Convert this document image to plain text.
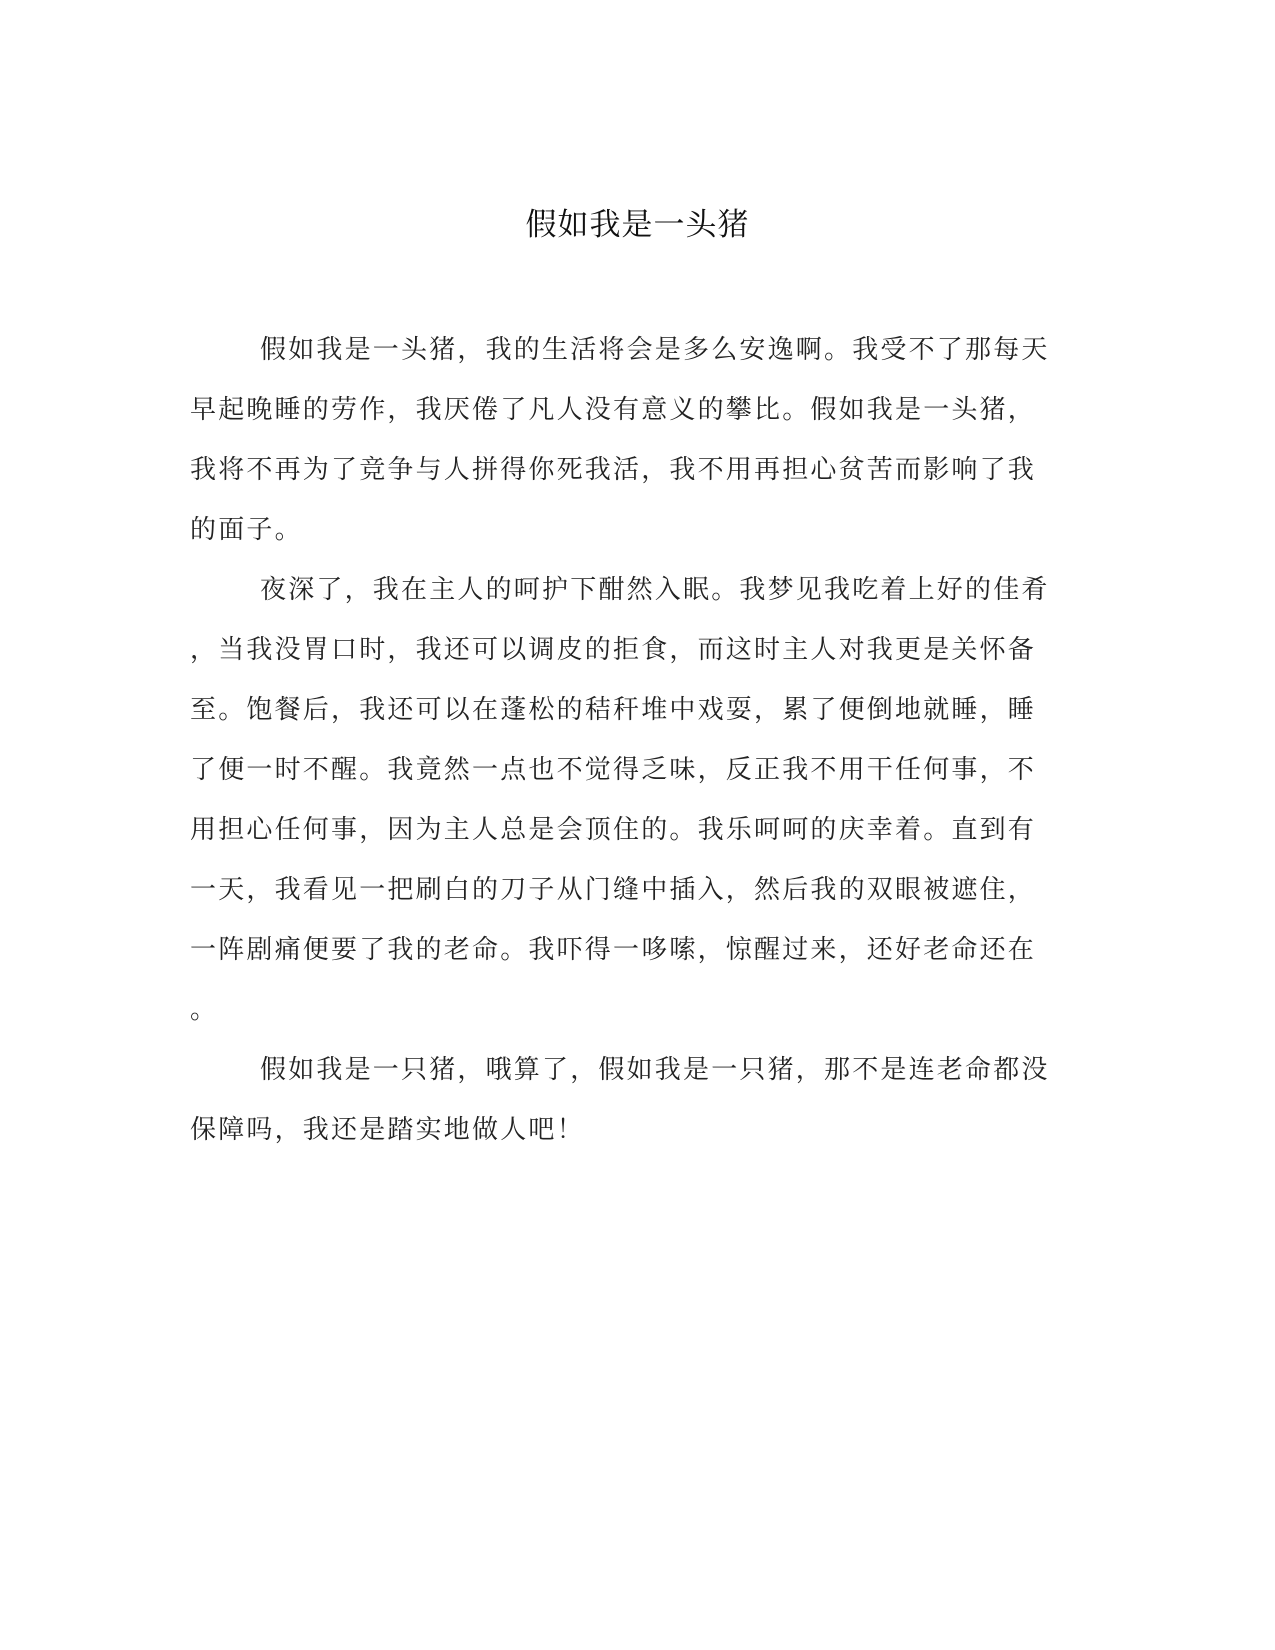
假如我是一头猪
假如我是一头猪，我的生活将会是多么安逸啊。我受不了那每天
早起晚睡的劳作，我厌倦了凡人没有意义的攀比。假如我是一头猪，
我将不再为了竞争与人拼得你死我活，我不用再担心贫苦而影响了我
的面子。
夜深了，我在主人的呵护下酣然入眠。我梦见我吃着上好的佳肴
，当我没胃口时，我还可以调皮的拒食，而这时主人对我更是关怀备
至。饱餐后，我还可以在蓬松的秸秆堆中戏耍，累了便倒地就睡，睡
了便一时不醒。我竟然一点也不觉得乏味，反正我不用干任何事，不
用担心任何事，因为主人总是会顶住的。我乐呵呵的庆幸着。直到有
一天，我看见一把刷白的刀子从门缝中插入，然后我的双眼被遮住，
一阵剧痛便要了我的老命。我吓得一哆嗦，惊醒过来，还好老命还在
。
假如我是一只猪，哦算了，假如我是一只猪，那不是连老命都没
保障吗，我还是踏实地做人吧！
